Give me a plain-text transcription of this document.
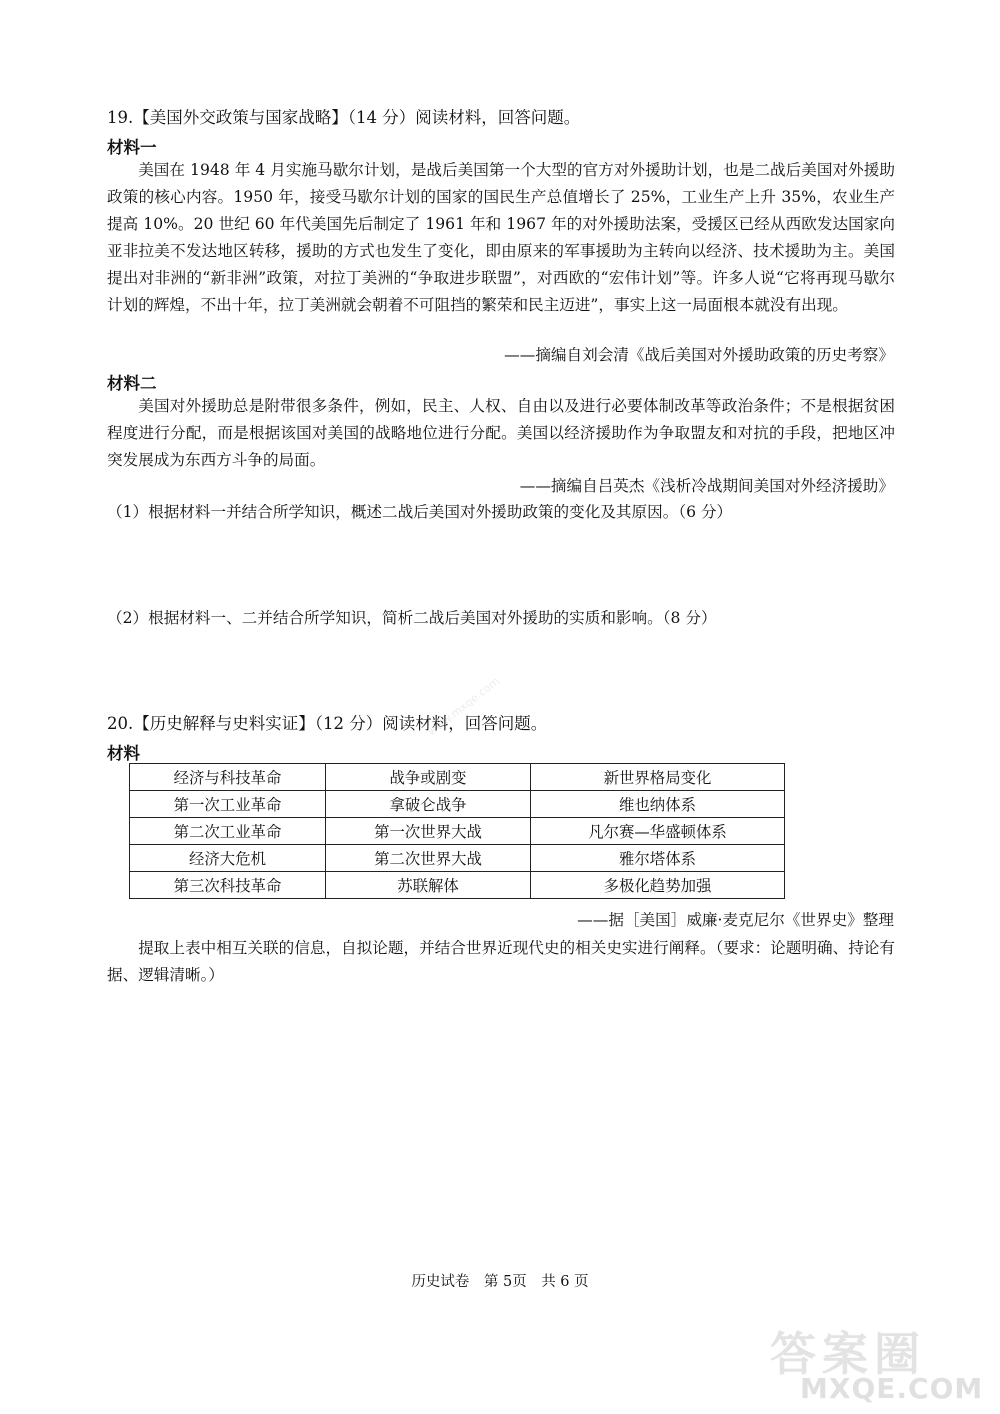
19.【美国外交政策与国家战略】（14 分）阅读材料，回答问题。
材料一

美国在 1948 年 4 月实施马歇尔计划，是战后美国第一个大型的官方对外援助计划，也是二战后美国对外援助政策的核心内容。1950 年，接受马歇尔计划的国家的国民生产总值增长了 25%，工业生产上升 35%，农业生产提高 10%。20 世纪 60 年代美国先后制定了 1961 年和 1967 年的对外援助法案，受援区已经从西欧发达国家向亚非拉美不发达地区转移，援助的方式也发生了变化，即由原来的军事援助为主转向以经济、技术援助为主。美国提出对非洲的“新非洲”政策，对拉丁美洲的“争取进步联盟”，对西欧的“宏伟计划”等。许多人说“它将再现马歇尔计划的辉煌，不出十年，拉丁美洲就会朝着不可阻挡的繁荣和民主迈进”，事实上这一局面根本就没有出现。

——摘编自刘会清《战后美国对外援助政策的历史考察》
材料二

美国对外援助总是附带很多条件，例如，民主、人权、自由以及进行必要体制改革等政治条件；不是根据贫困程度进行分配，而是根据该国对美国的战略地位进行分配。美国以经济援助作为争取盟友和对抗的手段，把地区冲突发展成为东西方斗争的局面。

——摘编自吕英杰《浅析冷战期间美国对外经济援助》
（1）根据材料一并结合所学知识，概述二战后美国对外援助政策的变化及其原因。（6 分）
（2）根据材料一、二并结合所学知识，简析二战后美国对外援助的实质和影响。（8 分）
20.【历史解释与史料实证】（12 分）阅读材料，回答问题。
材料
经济与科技革命	战争或剧变	新世界格局变化
第一次工业革命	拿破仑战争	维也纳体系
第二次工业革命	第一次世界大战	凡尔赛—华盛顿体系
经济大危机	第二次世界大战	雅尔塔体系
第三次科技革命	苏联解体	多极化趋势加强
——据［美国］威廉·麦克尼尔《世界史》整理

提取上表中相互关联的信息，自拟论题，并结合世界近现代史的相关史实进行阐释。（要求：论题明确、持论有据、逻辑清晰。）

历史试卷　第 5页　共 6 页
www.mxqe.com
答案圈
MXQE.COM
